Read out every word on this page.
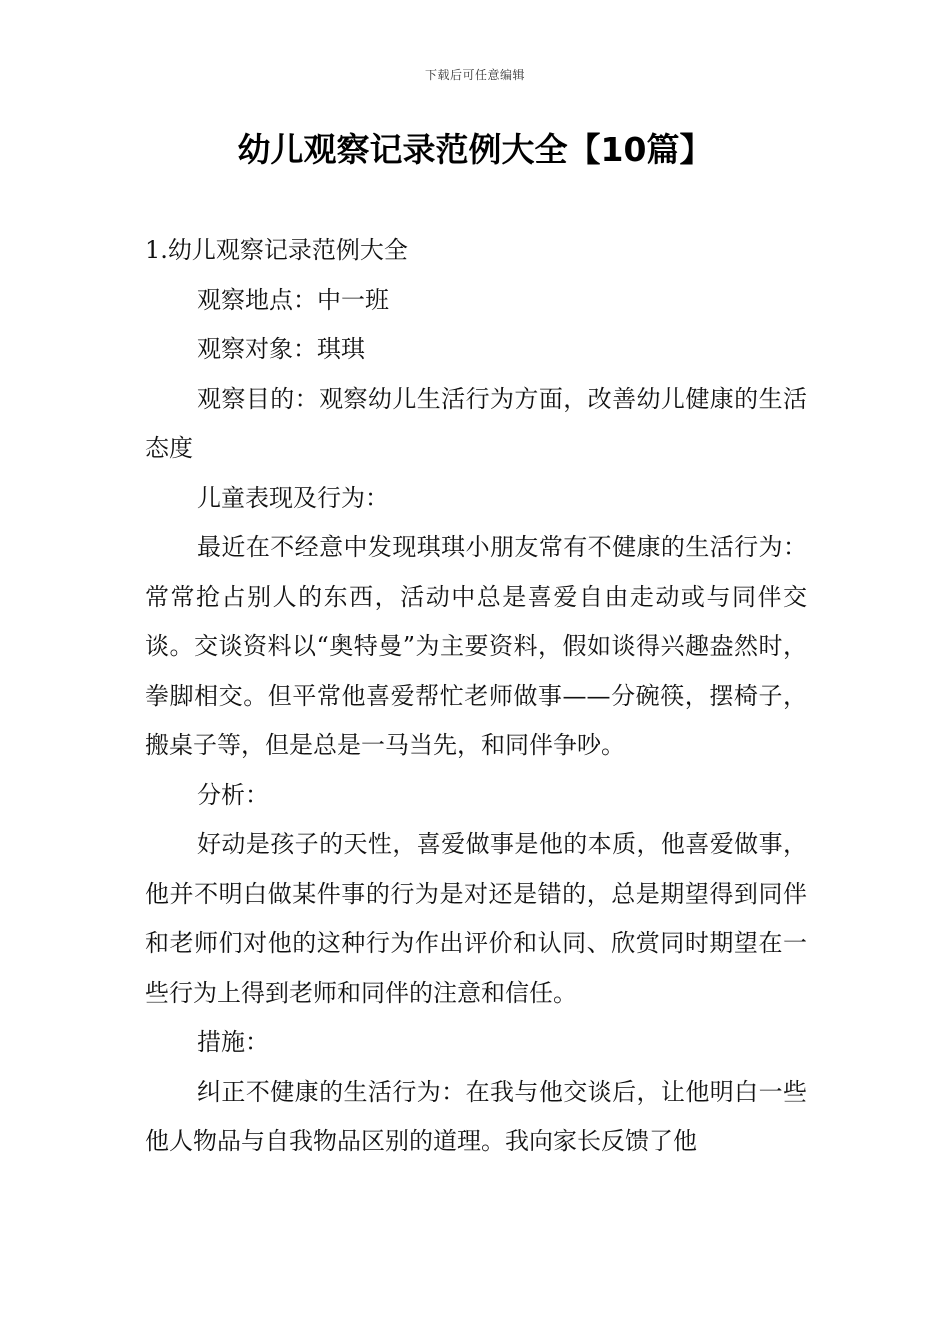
下载后可任意编辑
幼儿观察记录范例大全【10篇】

1.幼儿观察记录范例大全

观察地点：中一班

观察对象：琪琪

观察目的：观察幼儿生活行为方面，改善幼儿健康的生活态度

儿童表现及行为：

最近在不经意中发现琪琪小朋友常有不健康的生活行为：常常抢占别人的东西，活动中总是喜爱自由走动或与同伴交谈。交谈资料以“奥特曼”为主要资料，假如谈得兴趣盎然时，拳脚相交。但平常他喜爱帮忙老师做事——分碗筷，摆椅子，搬桌子等，但是总是一马当先，和同伴争吵。

分析：

好动是孩子的天性，喜爱做事是他的本质，他喜爱做事，他并不明白做某件事的行为是对还是错的，总是期望得到同伴和老师们对他的这种行为作出评价和认同、欣赏同时期望在一些行为上得到老师和同伴的注意和信任。

措施：

纠正不健康的生活行为：在我与他交谈后，让他明白一些他人物品与自我物品区别的道理。我向家长反馈了他
